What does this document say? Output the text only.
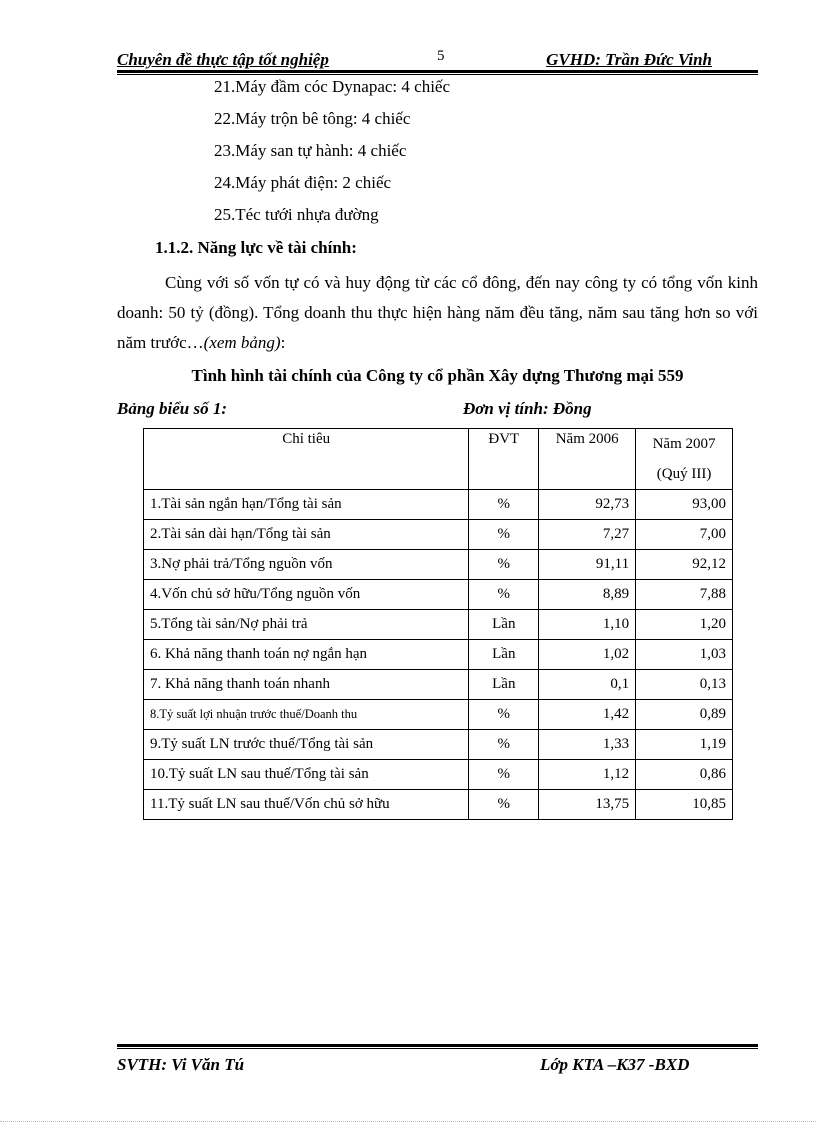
Chuyên đề thực tập tốt nghiệp	5	GVHD: Trần Đức Vinh
21.Máy đầm cóc Dynapac: 4 chiếc
22.Máy trộn bê tông: 4 chiếc
23.Máy san tự hành: 4 chiếc
24.Máy phát điện: 2 chiếc
25.Téc tưới nhựa đường
1.1.2. Năng lực về tài chính:
Cùng với số vốn tự có và huy động từ các cổ đông, đến nay công ty có tổng vốn kinh doanh: 50 tỷ (đồng). Tổng doanh thu thực hiện hàng năm đều tăng, năm sau tăng hơn so với năm trước…(xem bảng):
Tình hình tài chính của Công ty cổ phần Xây dựng Thương mại 559
Bảng biểu số 1:	Đơn vị tính: Đồng
Chỉ tiêu	ĐVT	Năm 2006	Năm 2007
(Quý III)
1.Tài sản ngắn hạn/Tổng tài sản	%	92,73	93,00
2.Tài sản dài hạn/Tổng tài sản	%	7,27	7,00
3.Nợ phải trả/Tổng nguồn vốn	%	91,11	92,12
4.Vốn chủ sở hữu/Tổng nguồn vốn	%	8,89	7,88
5.Tổng tài sản/Nợ phải trả	Lần	1,10	1,20
6. Khả năng thanh toán nợ ngắn hạn	Lần	1,02	1,03
7. Khả năng thanh toán nhanh	Lần	0,1	0,13
8.Tỷ suất lợi nhuận trước thuế/Doanh thu	%	1,42	0,89
9.Tỷ suất LN trước thuế/Tổng tài sản	%	1,33	1,19
10.Tỷ suất LN sau thuế/Tổng tài sản	%	1,12	0,86
11.Tỷ suất LN sau thuế/Vốn chủ sở hữu	%	13,75	10,85
SVTH: Vi Văn Tú	Lớp KTA –K37 -BXD
